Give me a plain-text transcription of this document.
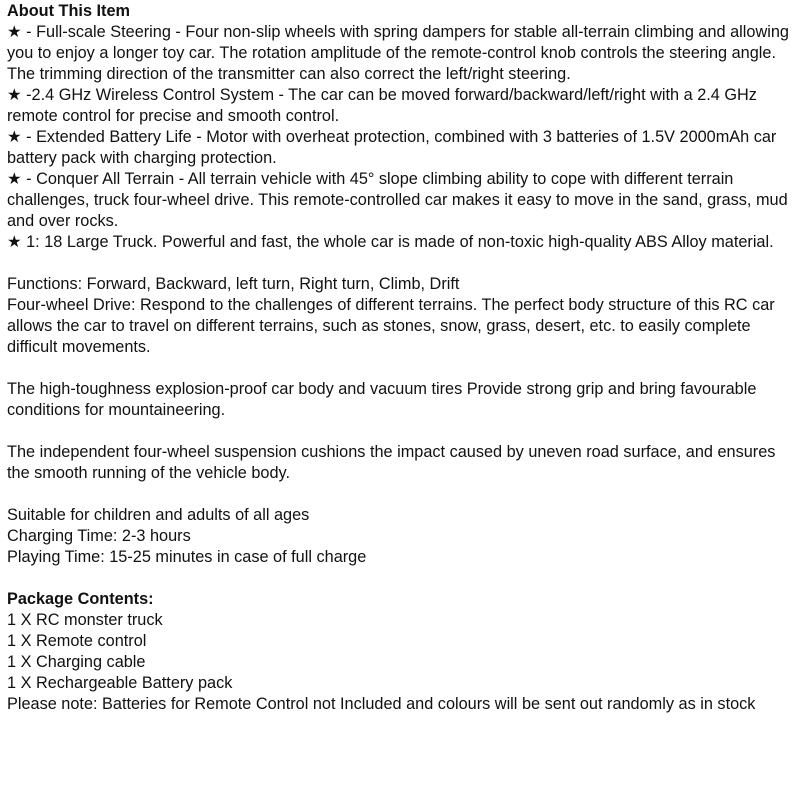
About This Item

★ - Full-scale Steering - Four non-slip wheels with spring dampers for stable all-terrain climbing and allowing you to enjoy a longer toy car. The rotation amplitude of the remote-control knob controls the steering angle. The trimming direction of the transmitter can also correct the left/right steering.

★ -2.4 GHz Wireless Control System - The car can be moved forward/backward/left/right with a 2.4 GHz remote control for precise and smooth control.

★ - Extended Battery Life - Motor with overheat protection, combined with 3 batteries of 1.5V 2000mAh car battery pack with charging protection.

★ - Conquer All Terrain - All terrain vehicle with 45° slope climbing ability to cope with different terrain challenges, truck four-wheel drive. This remote-controlled car makes it easy to move in the sand, grass, mud and over rocks.

★ 1: 18 Large Truck. Powerful and fast, the whole car is made of non-toxic high-quality ABS Alloy material.

Functions: Forward, Backward, left turn, Right turn, Climb, Drift

Four-wheel Drive: Respond to the challenges of different terrains. The perfect body structure of this RC car allows the car to travel on different terrains, such as stones, snow, grass, desert, etc. to easily complete difficult movements.

The high-toughness explosion-proof car body and vacuum tires Provide strong grip and bring favourable conditions for mountaineering.

The independent four-wheel suspension cushions the impact caused by uneven road surface, and ensures the smooth running of the vehicle body.

Suitable for children and adults of all ages

Charging Time: 2-3 hours

Playing Time: 15-25 minutes in case of full charge

Package Contents:

1 X RC monster truck

1 X Remote control

1 X Charging cable

1 X Rechargeable Battery pack

Please note: Batteries for Remote Control not Included and colours will be sent out randomly as in stock
